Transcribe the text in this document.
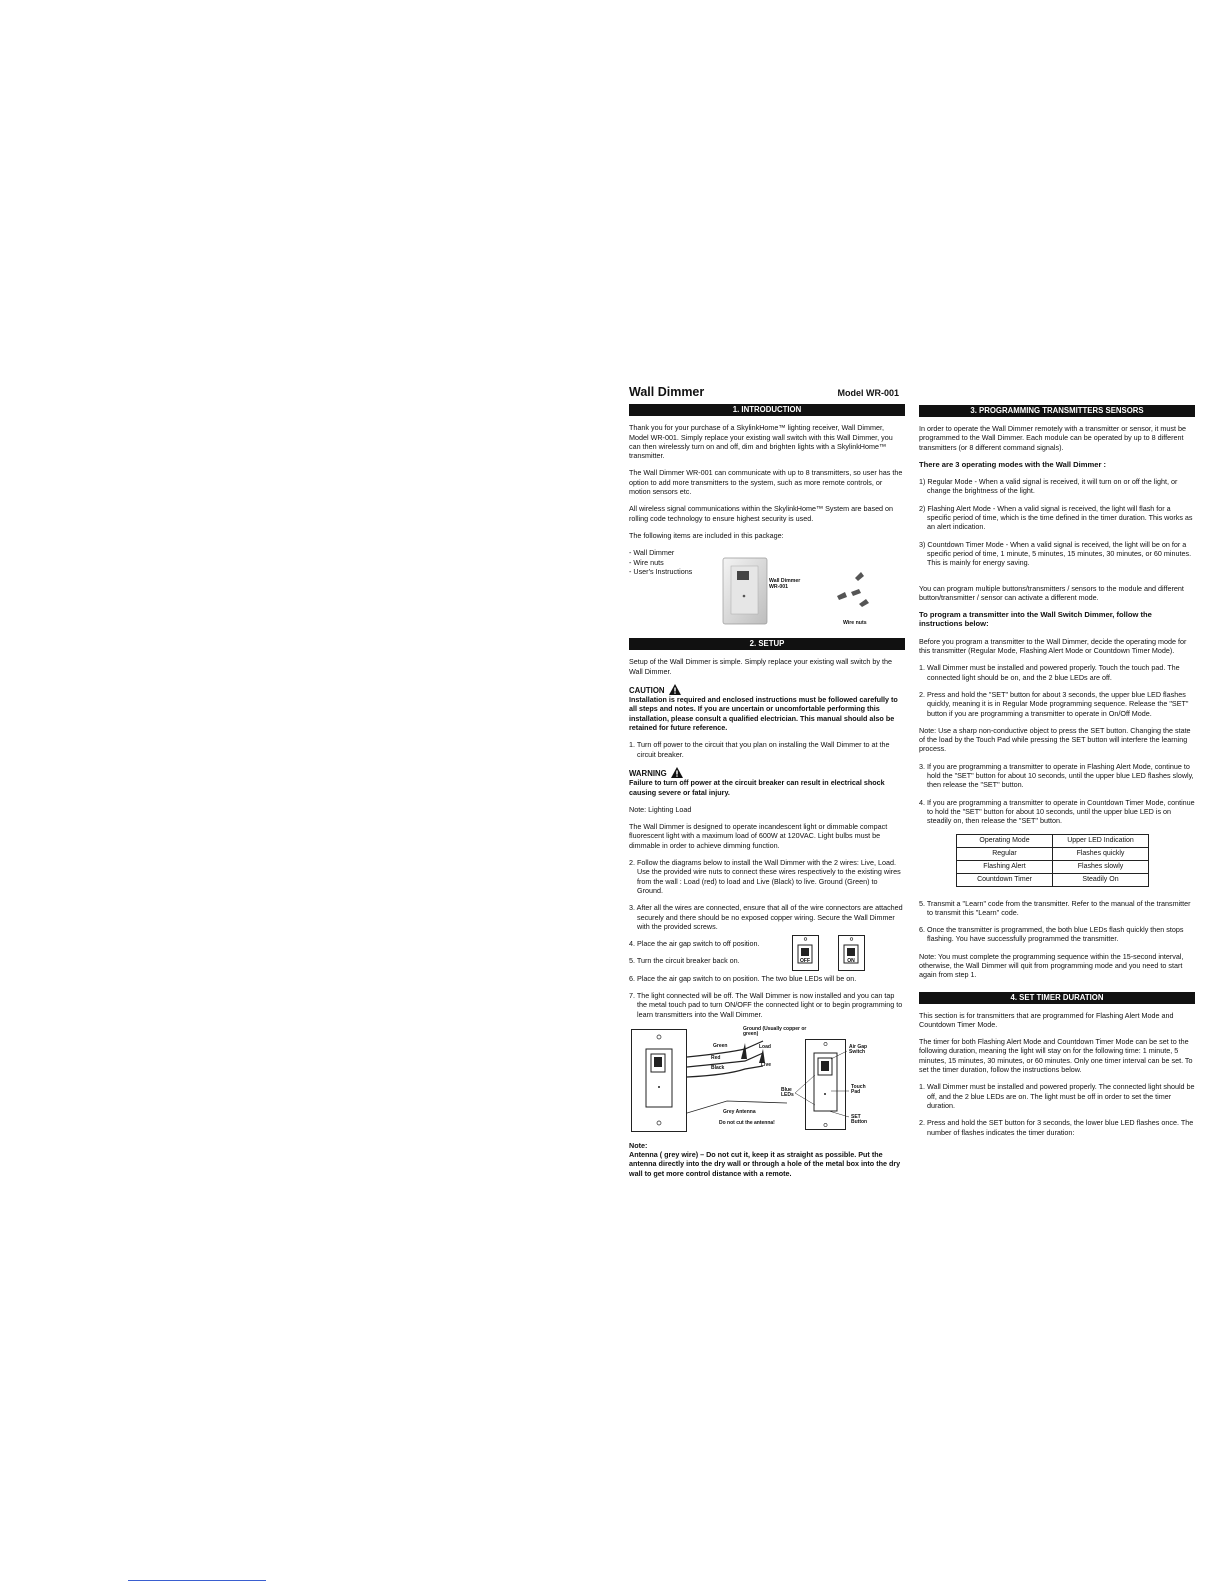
Wall Dimmer	Model WR-001
1. INTRODUCTION

Thank you for your purchase of a SkylinkHome™ lighting receiver, Wall Dimmer, Model WR-001. Simply replace your existing wall switch with this Wall Dimmer, you can then wirelessly turn on and off, dim and brighten lights with a SkylinkHome™ transmitter.

The Wall Dimmer WR-001 can communicate with up to 8 transmitters, so user has the option to add more transmitters to the system, such as more remote controls, or motion sensors etc.

All wireless signal communications within the SkylinkHome™ System are based on rolling code technology to ensure highest security is used.

The following items are included in this package:

- Wall Dimmer
- Wire nuts
- User's Instructions
Wall Dimmer
WR-001
Wire nuts
2. SETUP

Setup of the Wall Dimmer is simple. Simply replace your existing wall switch by the Wall Dimmer.

CAUTION

Installation is required and enclosed instructions must be followed carefully to all steps and notes. If you are uncertain or uncomfortable performing this installation, please consult a qualified electrician. This manual should also be retained for future reference.

1. Turn off power to the circuit that you plan on installing the Wall Dimmer to at the circuit breaker.
WARNING

Failure to turn off power at the circuit breaker can result in electrical shock causing severe or fatal injury.

Note: Lighting Load

The Wall Dimmer is designed to operate incandescent light or dimmable compact fluorescent light with a maximum load of 600W at 120VAC. Light bulbs must be dimmable in order to achieve dimming function.

2. Follow the diagrams below to install the Wall Dimmer with the 2 wires: Live, Load. Use the provided wire nuts to connect these wires respectively to the existing wires from the wall : Load (red) to load and Live (Black) to live. Ground (Green) to Ground.
3. After all the wires are connected, ensure that all of the wire connectors are attached securely and there should be no exposed copper wiring. Secure the Wall Dimmer with the provided screws.
4. Place the air gap switch to off position.
5. Turn the circuit breaker back on.	OFF	ON
6. Place the air gap switch to on position. The two blue LEDs will be on.
7. The light connected will be off. The Wall Dimmer is now installed and you can tap the metal touch pad to turn ON/OFF the connected light or to begin programming to learn transmitters into the Wall Dimmer.
Ground (Usually copper or green)
Green
Red
Black
Load
Live
Grey Antenna
Do not cut the antenna!
Air Gap Switch
Touch Pad
SET Button
Blue LEDs
Note:

Antenna ( grey wire) – Do not cut it, keep it as straight as possible. Put the antenna directly into the dry wall or through a hole of the metal box into the dry wall to get more control distance with a remote.

3. PROGRAMMING TRANSMITTERS SENSORS

In order to operate the Wall Dimmer remotely with a transmitter or sensor, it must be programmed to the Wall Dimmer. Each module can be operated by up to 8 different transmitters (or 8 different command signals).

There are 3 operating modes with the Wall Dimmer :

1) Regular Mode - When a valid signal is received, it will turn on or off the light, or change the brightness of the light.
2) Flashing Alert Mode - When a valid signal is received, the light will flash for a specific period of time, which is the time defined in the timer duration. This works as an alert indication.
3) Countdown Timer Mode - When a valid signal is received, the light will be on for a specific period of time, 1 minute, 5 minutes, 15 minutes, 30 minutes, or 60 minutes. This is mainly for energy saving.

You can program multiple buttons/transmitters / sensors to the module and different button/transmitter / sensor can activate a different mode.

To program a transmitter into the Wall Switch Dimmer, follow the instructions below:

Before you program a transmitter to the Wall Dimmer, decide the operating mode for this transmitter (Regular Mode, Flashing Alert Mode or Countdown Timer Mode).

1. Wall Dimmer must be installed and powered properly. Touch the touch pad. The connected light should be on, and the 2 blue LEDs are off.
2. Press and hold the "SET" button for about 3 seconds, the upper blue LED flashes quickly, meaning it is in Regular Mode programming sequence. Release the "SET" button if you are programming a transmitter to operate in On/Off Mode.

Note: Use a sharp non-conductive object to press the SET button. Changing the state of the load by the Touch Pad while pressing the SET button will interfere the learning process.

3. If you are programming a transmitter to operate in Flashing Alert Mode, continue to hold the "SET" button for about 10 seconds, until the upper blue LED flashes slowly, then release the "SET" button.
4. If you are programming a transmitter to operate in Countdown Timer Mode, continue to hold the "SET" button for about 10 seconds, until the upper blue LED is on steadily on, then release the "SET" button.
Operating Mode	Upper LED Indication
Regular	Flashes quickly
Flashing Alert	Flashes slowly
Countdown Timer	Steadily On
5. Transmit a "Learn" code from the transmitter. Refer to the manual of the transmitter to transmit this "Learn" code.
6. Once the transmitter is programmed, the both blue LEDs flash quickly then stops flashing. You have successfully programmed the transmitter.

Note: You must complete the programming sequence within the 15-second interval, otherwise, the Wall Dimmer will quit from programming mode and you need to start again from step 1.

4. SET TIMER DURATION

This section is for transmitters that are programmed for Flashing Alert Mode and Countdown Timer Mode.

The timer for both Flashing Alert Mode and Countdown Timer Mode can be set to the following duration, meaning the light will stay on for the following time: 1 minute, 5 minutes, 15 minutes, 30 minutes, or 60 minutes. Only one timer interval can be set. To set the timer duration, follow the instructions below.

1. Wall Dimmer must be installed and powered properly. The connected light should be off, and the 2 blue LEDs are on. The light must be off in order to set the timer duration.
2. Press and hold the SET button for 3 seconds, the lower blue LED flashes once. The number of flashes indicates the timer duration:
